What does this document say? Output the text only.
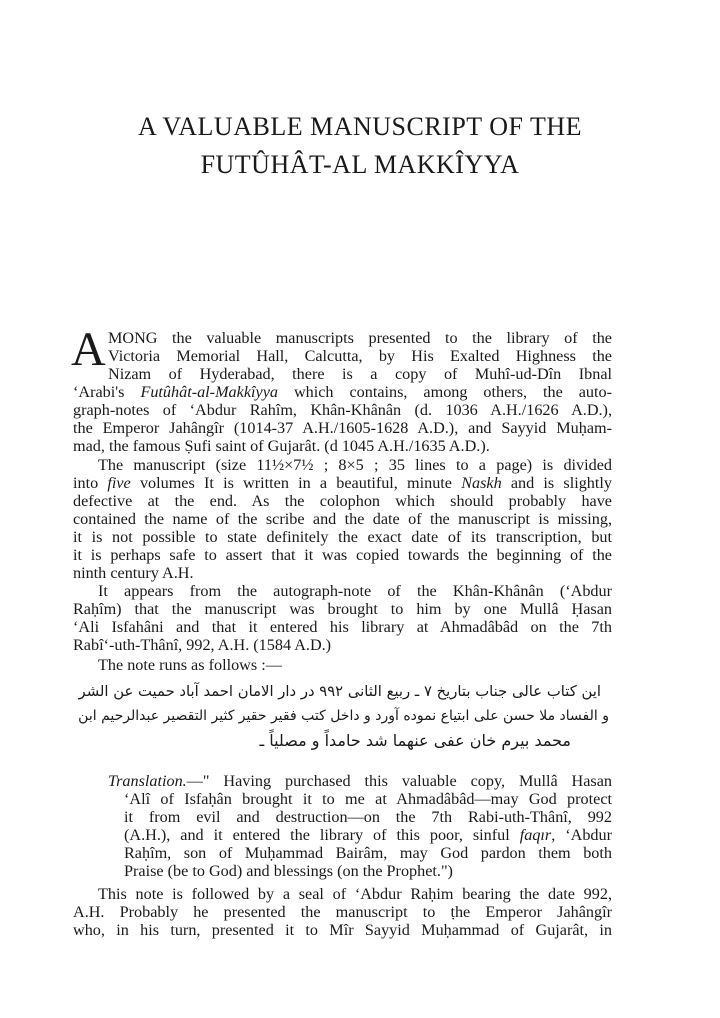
A VALUABLE MANUSCRIPT OF THE
FUTÛHÂT-AL MAKKÎYYA
A MONG the valuable manuscripts presented to the library of the
Victoria Memorial Hall, Calcutta, by His Exalted Highness the
Nizam of Hyderabad, there is a copy of Muhî-ud-Dîn Ibnal
‘Arabi's Futûhât-al-Makkîyya which contains, among others, the auto-
graph-notes of ‘Abdur Rahîm, Khân-Khânân (d. 1036 A.H./1626 A.D.),
the Emperor Jahângîr (1014-37 A.H./1605-1628 A.D.), and Sayyid Muḥam-
mad, the famous Ṣufi saint of Gujarât. (d 1045 A.H./1635 A.D.).
The manuscript (size 11½×7½ ; 8×5 ; 35 lines to a page) is divided
into five volumes It is written in a beautiful, minute Naskh and is slightly
defective at the end. As the colophon which should probably have
contained the name of the scribe and the date of the manuscript is missing,
it is not possible to state definitely the exact date of its transcription, but
it is perhaps safe to assert that it was copied towards the beginning of the
ninth century A.H.
It appears from the autograph-note of the Khân-Khânân (‘Abdur
Raḥîm) that the manuscript was brought to him by one Mullâ Ḥasan
‘Ali Isfahâni and that it entered his library at Ahmadâbâd on the 7th
Rabî‘-uth-Thânî, 992, A.H. (1584 A.D.)
The note runs as follows :—
این کتاب عالی جناب بتاریخ ۷ ـ ربیع الثانی ۹۹۲ در دار الامان احمد آباد حمیت عن الشر
و الفساد ملا حسن علی ابتیاع نموده آورد و داخل کتب فقیر حقیر کثیر التقصیر عبدالرحیم ابن
محمد بیرم خان عفی عنهما شد حامداً و مصلیاً ـ
Translation.—" Having purchased this valuable copy, Mullâ Hasan
‘Alî of Isfaḥân brought it to me at Ahmadâbâd—may God protect
it from evil and destruction—on the 7th Rabi-uth-Thânî, 992
(A.H.), and it entered the library of this poor, sinful faqır, ‘Abdur
Raḥîm, son of Muḥammad Bairâm, may God pardon them both
Praise (be to God) and blessings (on the Prophet.")
This note is followed by a seal of ‘Abdur Raḥim bearing the date 992,
A.H. Probably he presented the manuscript to ṭhe Emperor Jahângîr
who, in his turn, presented it to Mîr Sayyid Muḥammad of Gujarât, in
